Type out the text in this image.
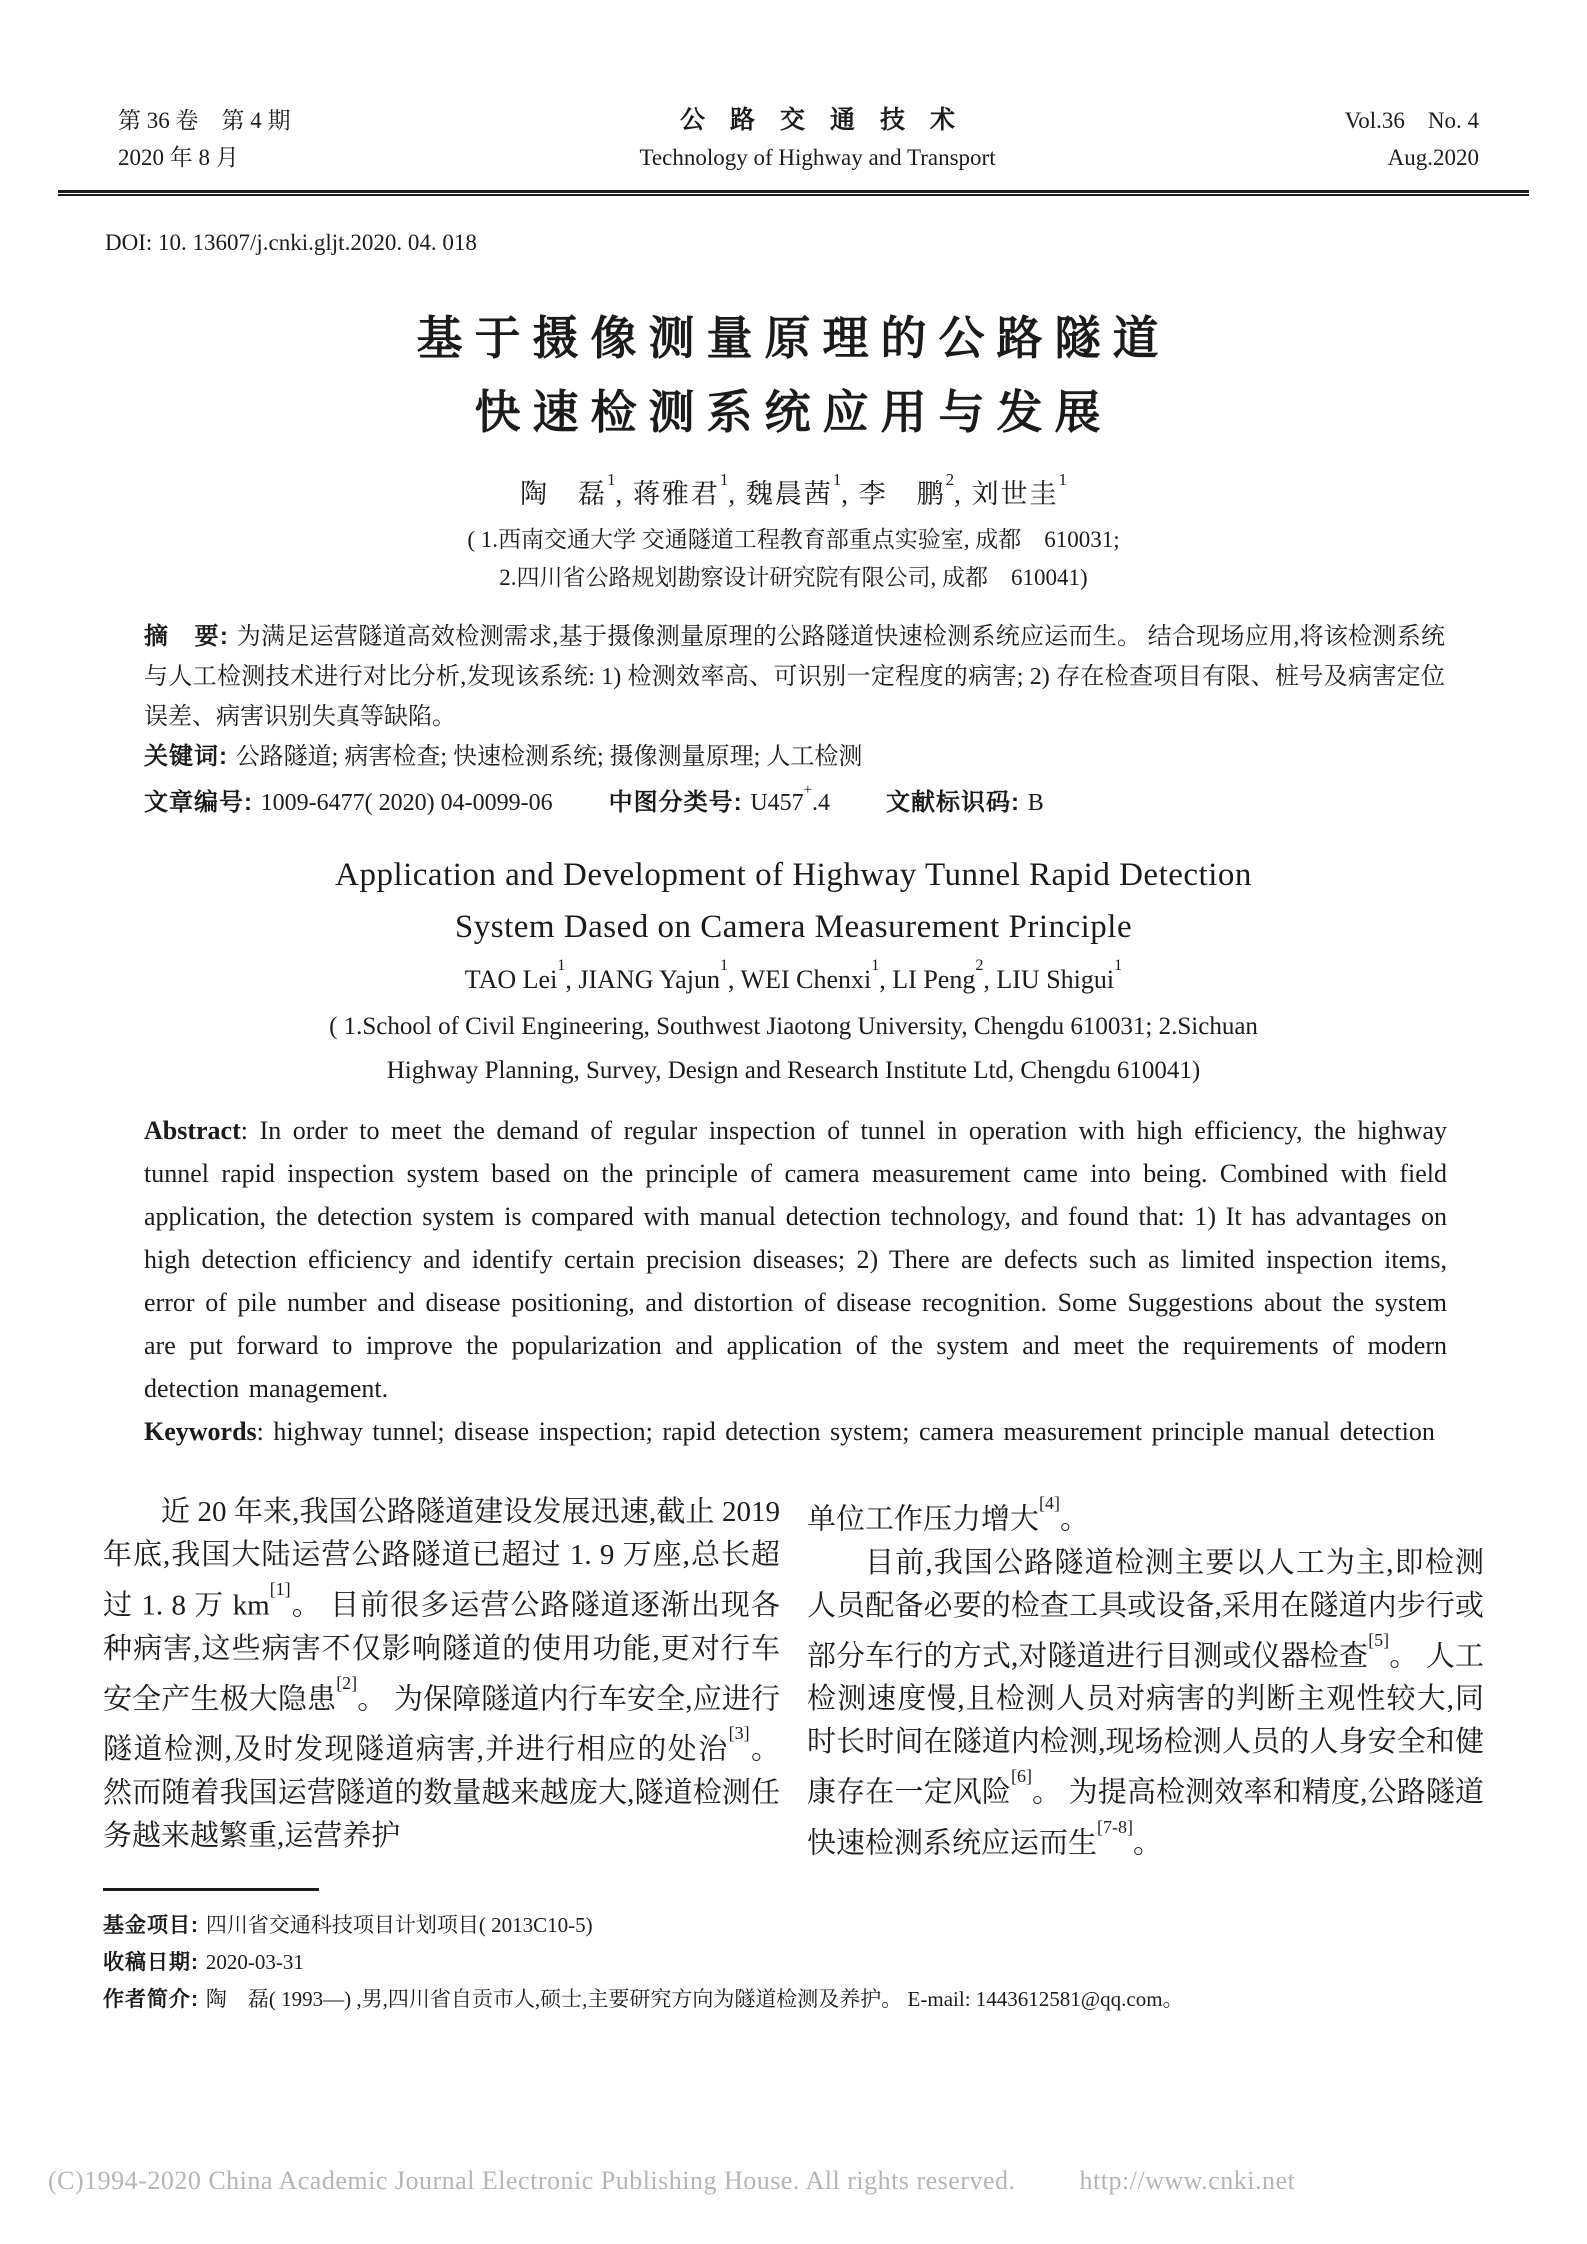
第 36 卷　第 4 期
2020 年 8 月
公　路　交　通　技　术
Technology of Highway and Transport
Vol.36　No. 4
Aug.2020
DOI: 10. 13607/j.cnki.gljt.2020. 04. 018
基于摄像测量原理的公路隧道
快速检测系统应用与发展
陶　磊$^1$, 蒋雅君$^1$, 魏晨茜$^1$, 李　鹏$^2$, 刘世圭$^1$
( 1.西南交通大学 交通隧道工程教育部重点实验室, 成都　610031;
2.四川省公路规划勘察设计研究院有限公司, 成都　610041)

摘　要: 为满足运营隧道高效检测需求,基于摄像测量原理的公路隧道快速检测系统应运而生。 结合现场应用,将该检测系统与人工检测技术进行对比分析,发现该系统: 1) 检测效率高、可识别一定程度的病害; 2) 存在检查项目有限、桩号及病害定位误差、病害识别失真等缺陷。

关键词: 公路隧道; 病害检查; 快速检测系统; 摄像测量原理; 人工检测

文章编号: 1009-6477( 2020) 04-0099-06 中图分类号: U457+.4 文献标识码: B

Application and Development of Highway Tunnel Rapid Detection
System Dased on Camera Measurement Principle
TAO Lei$^1$, JIANG Yajun$^1$, WEI Chenxi$^1$, LI Peng$^2$, LIU Shigui$^1$
( 1.School of Civil Engineering, Southwest Jiaotong University, Chengdu 610031; 2.Sichuan
Highway Planning, Survey, Design and Research Institute Ltd, Chengdu 610041)

Abstract: In order to meet the demand of regular inspection of tunnel in operation with high efficiency, the highway tunnel rapid inspection system based on the principle of camera measurement came into being. Combined with field application, the detection system is compared with manual detection technology, and found that: 1) It has advantages on high detection efficiency and identify certain precision diseases; 2) There are defects such as limited inspection items, error of pile number and disease positioning, and distortion of disease recognition. Some Suggestions about the system are put forward to improve the popularization and application of the system and meet the requirements of modern detection management.

Keywords: highway tunnel; disease inspection; rapid detection system; camera measurement principle manual detection

近 20 年来,我国公路隧道建设发展迅速,截止 2019 年底,我国大陆运营公路隧道已超过 1. 9 万座,总长超过 1. 8 万 km[1]。 目前很多运营公路隧道逐渐出现各种病害,这些病害不仅影响隧道的使用功能,更对行车安全产生极大隐患[2]。 为保障隧道内行车安全,应进行隧道检测,及时发现隧道病害,并进行相应的处治[3]。 然而随着我国运营隧道的数量越来越庞大,隧道检测任务越来越繁重,运营养护

单位工作压力增大[4]。

目前,我国公路隧道检测主要以人工为主,即检测人员配备必要的检查工具或设备,采用在隧道内步行或部分车行的方式,对隧道进行目测或仪器检查[5]。 人工检测速度慢,且检测人员对病害的判断主观性较大,同时长时间在隧道内检测,现场检测人员的人身安全和健康存在一定风险[6]。 为提高检测效率和精度,公路隧道快速检测系统应运而生[7-8]。

基金项目: 四川省交通科技项目计划项目( 2013C10-5)

收稿日期: 2020-03-31

作者简介: 陶　磊( 1993—) ,男,四川省自贡市人,硕士,主要研究方向为隧道检测及养护。 E-mail: 1443612581@qq.com。

(C)1994-2020 China Academic Journal Electronic Publishing House. All rights reserved. http://www.cnki.net
